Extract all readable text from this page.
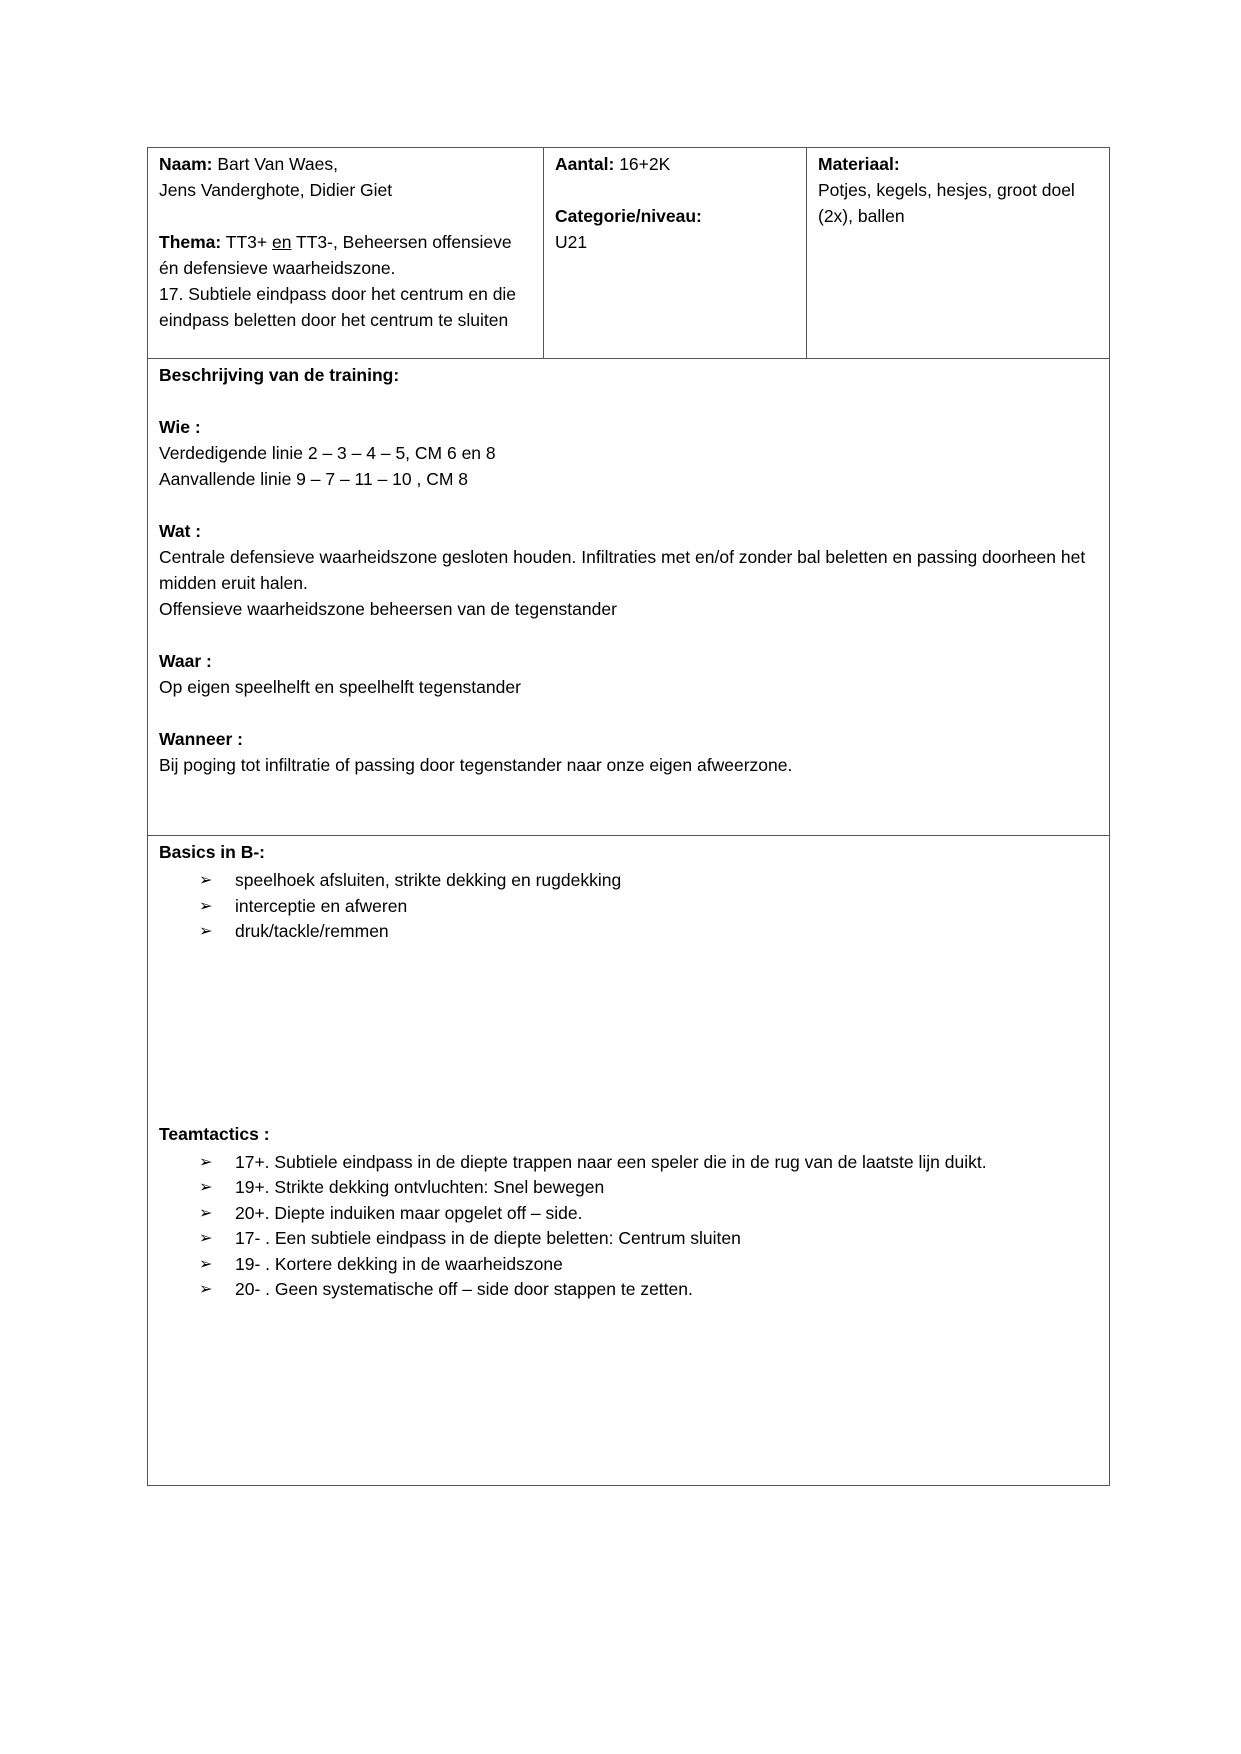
Naam: Bart Van Waes,
Jens Vanderghote, Didier Giet
Thema: TT3+ en TT3-, Beheersen offensieve én defensieve waarheidszone.
17. Subtiele eindpass door het centrum en die eindpass beletten door het centrum te sluiten

Aantal: 16+2K
Categorie/niveau:
U21

Materiaal:
Potjes, kegels, hesjes, groot doel (2x), ballen

Beschrijving van de training:
Wie :
Verdedigende linie 2 – 3 – 4 – 5, CM 6 en 8
Aanvallende linie 9 – 7 – 11 – 10 , CM 8
Wat :
Centrale defensieve waarheidszone gesloten houden. Infiltraties met en/of zonder bal beletten en passing doorheen het midden eruit halen.
Offensieve waarheidszone beheersen van de tegenstander
Waar :
Op eigen speelhelft en speelhelft tegenstander
Wanneer :
Bij poging tot infiltratie of passing door tegenstander naar onze eigen afweerzone.

Basics in B-:
➢ speelhoek afsluiten, strikte dekking en rugdekking
➢ interceptie en afweren
➢ druk/tackle/remmen
Teamtactics :
➢ 17+. Subtiele eindpass in de diepte trappen naar een speler die in de rug van de laatste lijn duikt.
➢ 19+. Strikte dekking ontvluchten: Snel bewegen
➢ 20+. Diepte induiken maar opgelet off – side.
➢ 17- . Een subtiele eindpass in de diepte beletten: Centrum sluiten
➢ 19- . Kortere dekking in de waarheidszone
➢ 20- . Geen systematische off – side door stappen te zetten.
